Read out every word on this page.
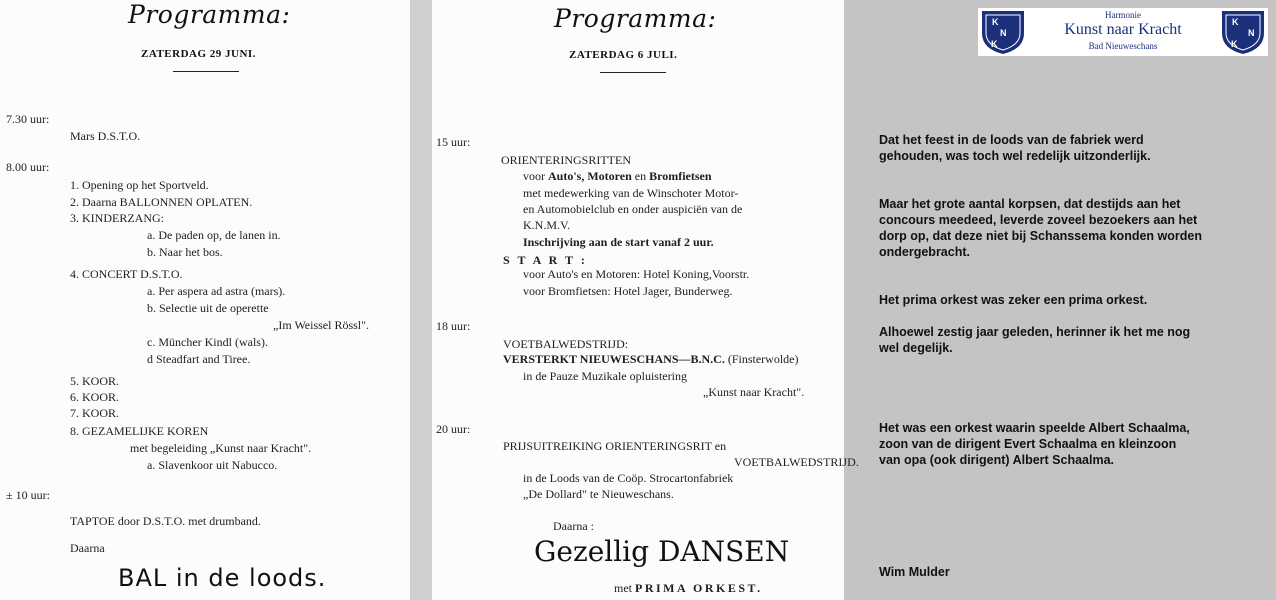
Programma:
ZATERDAG 29 JUNI.
7.30 uur:
Mars D.S.T.O.
8.00 uur:
1. Opening op het Sportveld.
2. Daarna BALLONNEN OPLATEN.
3. KINDERZANG:
a. De paden op, de lanen in.
b. Naar het bos.
4. CONCERT D.S.T.O.
a. Per aspera ad astra (mars).
b. Selectie uit de operette
„Im Weissel Rössl".
c. Müncher Kindl (wals).
d Steadfart and Tiree.
5. KOOR.
6. KOOR.
7. KOOR.
8. GEZAMELIJKE KOREN
met begeleiding „Kunst naar Kracht".
a. Slavenkoor uit Nabucco.
± 10 uur:
TAPTOE door D.S.T.O. met drumband.
Daarna
BAL in de loods.
Programma:
ZATERDAG 6 JULI.
15 uur:
18 uur:
20 uur:
ORIENTERINGSRITTEN
voor Auto's, Motoren en Bromfietsen
met medewerking van de Winschoter Motor-
en Automobielclub en onder auspiciën van de
K.N.M.V.
Inschrijving aan de start vanaf 2 uur.
S T A R T :
voor Auto's en Motoren: Hotel Koning,Voorstr.
voor Bromfietsen: Hotel Jager, Bunderweg.
VOETBALWEDSTRIJD:
VERSTERKT NIEUWESCHANS—B.N.C. (Finsterwolde)
in de Pauze Muzikale opluistering
„Kunst naar Kracht".
PRIJSUITREIKING ORIENTERINGSRIT en
VOETBALWEDSTRIJD.
in de Loods van de Coöp. Strocartonfabriek
„De Dollard" te Nieuweschans.
Daarna :
Gezellig DANSEN
met PRIMA ORKEST.
K
N
K
Harmonie
Kunst naar Kracht
Bad Nieuweschans
K
N
K
Dat het feest in de loods van de fabriek werd
gehouden, was toch wel redelijk uitzonderlijk.
Maar het grote aantal korpsen, dat destijds aan het
concours meedeed, leverde zoveel bezoekers aan het
dorp op, dat deze niet bij Schanssema konden worden
ondergebracht.
Het prima orkest was zeker een prima orkest.
Alhoewel zestig jaar geleden, herinner ik het me nog
wel degelijk.
Het was een orkest waarin speelde Albert Schaalma,
zoon van de dirigent Evert Schaalma en kleinzoon
van opa (ook dirigent) Albert Schaalma.
Wim Mulder
